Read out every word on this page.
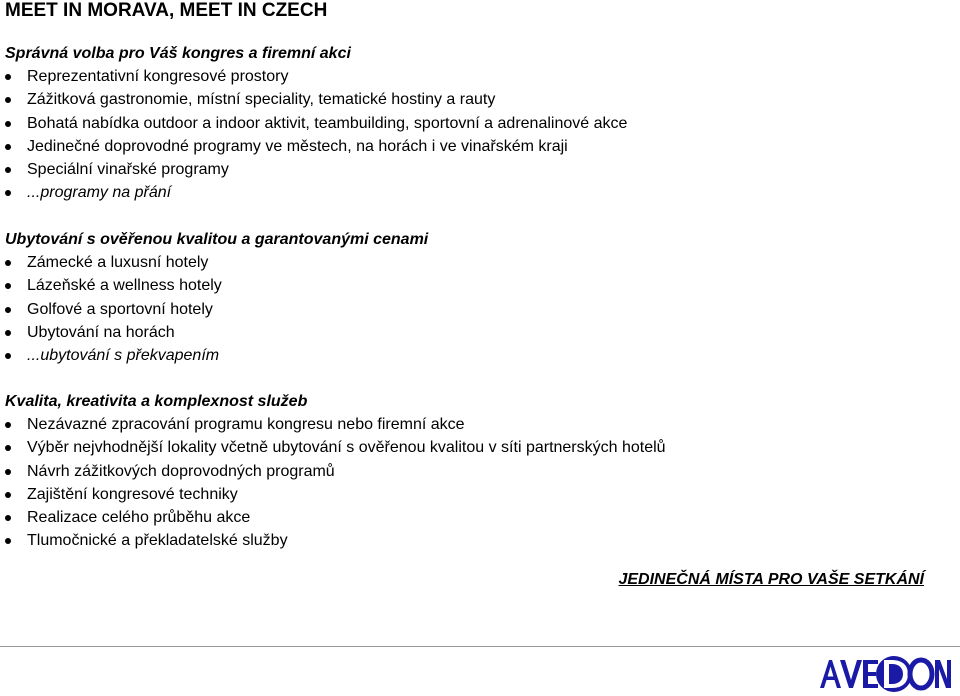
MEET IN MORAVA, MEET IN CZECH
Správná volba pro Váš kongres a firemní akci
Reprezentativní kongresové prostory
Zážitková gastronomie, místní speciality, tematické hostiny a rauty
Bohatá nabídka outdoor a indoor aktivit, teambuilding, sportovní a adrenalinové akce
Jedinečné doprovodné programy ve městech, na horách i ve vinařském kraji
Speciální vinařské programy
...programy na přání
Ubytování s ověřenou kvalitou a garantovanými cenami
Zámecké a luxusní hotely
Lázeňské a wellness hotely
Golfové a sportovní hotely
Ubytování na horách
...ubytování s překvapením
Kvalita, kreativita a komplexnost služeb
Nezávazné zpracování programu kongresu nebo firemní akce
Výběr nejvhodnější lokality včetně ubytování s ověřenou kvalitou v síti partnerských hotelů
Návrh zážitkových doprovodných programů
Zajištění kongresové techniky
Realizace celého průběhu akce
Tlumočnické a překladatelské služby
JEDINEČNÁ MÍSTA PRO VAŠE SETKÁNÍ
